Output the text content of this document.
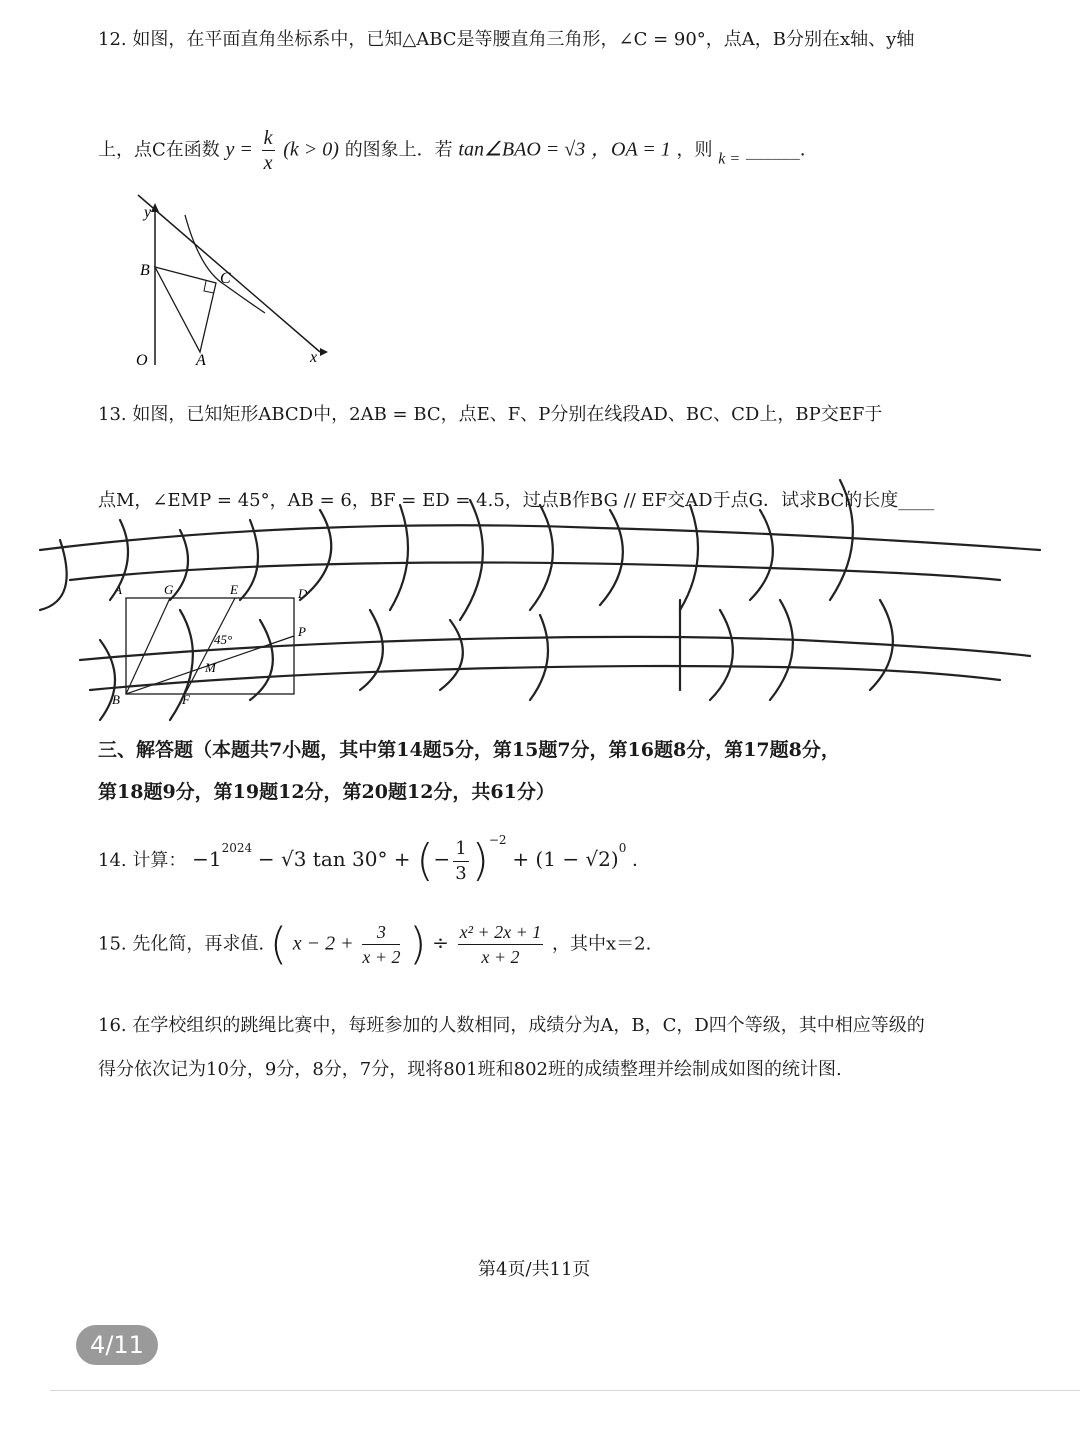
12. 如图，在平面直角坐标系中，已知△ABC是等腰直角三角形，∠C = 90°，点A，B分别在x轴、y轴
上，点C在函数 $y = \frac{k}{x} (k > 0)$ 的图象上．若 tan∠BAO = √3 ，OA = 1 ，则 k = ______．
y
x
O	A
B	C
13. 如图，已知矩形ABCD中，2AB = BC，点E、F、P分别在线段AD、BC、CD上，BP交EF于
点M，∠EMP = 45°，AB = 6，BF = ED = 4.5，过点B作BG // EF交AD于点G．试求BC的长度____
A	G	E	D
P
45°
M
F
B
三、解答题（本题共7小题，其中第14题5分，第15题7分，第16题8分，第17题8分，
第18题9分，第19题12分，第20题12分，共61分）
14. 计算： $-1^{2024} - √3$ tan 30° + (− $\frac{1}{3} )^{-2} + (1 - √2)^0$ ．
15. 先化简，再求值. ( $x - 2 + \frac{3}{x + 2}$ ) ÷ $\frac{\text{x² + 2x + 1}}{x + 2}$ ，其中x＝2.
16. 在学校组织的跳绳比赛中，每班参加的人数相同，成绩分为A，B，C，D四个等级，其中相应等级的
得分依次记为10分，9分，8分，7分，现将801班和802班的成绩整理并绘制成如图的统计图.
第4页/共11页
4/11
